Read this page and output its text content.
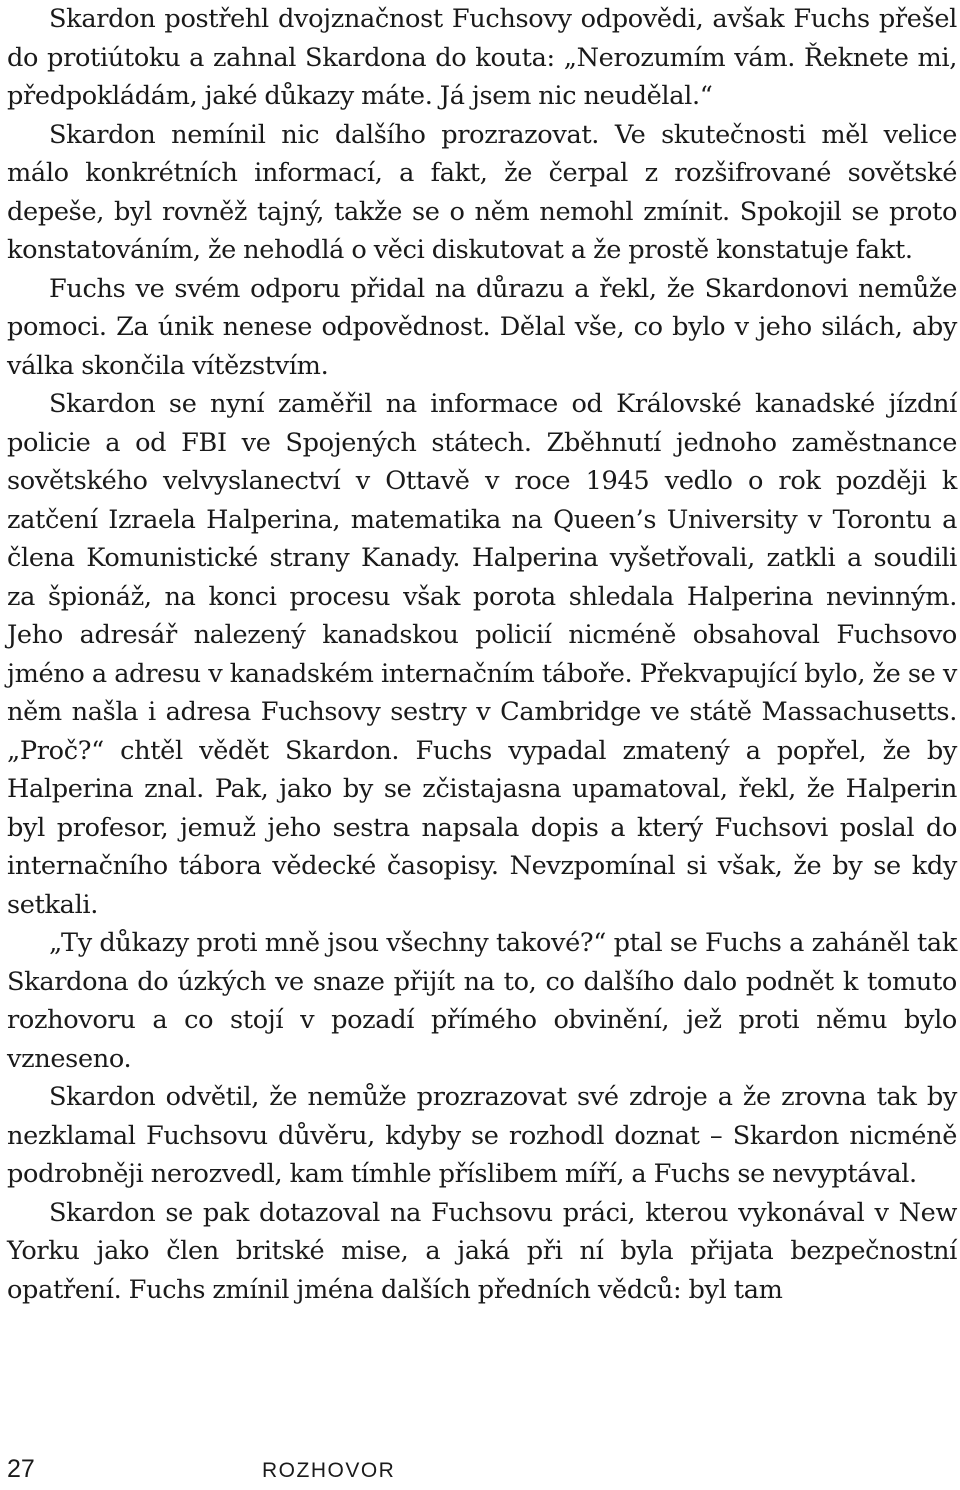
Skardon postřehl dvojznačnost Fuchsovy odpovědi, avšak Fuchs přešel do protiútoku a zahnal Skardona do kouta: „Nerozumím vám. Řeknete mi, předpokládám, jaké důkazy máte. Já jsem nic neudělal.“

Skardon nemínil nic dalšího prozrazovat. Ve skutečnosti měl velice málo konkrétních informací, a fakt, že čerpal z rozšifrované sovětské depeše, byl rovněž tajný, takže se o něm nemohl zmínit. Spokojil se proto konstatováním, že nehodlá o věci diskutovat a že prostě konstatuje fakt.

Fuchs ve svém odporu přidal na důrazu a řekl, že Skardonovi nemůže pomoci. Za únik nenese odpovědnost. Dělal vše, co bylo v jeho silách, aby válka skončila vítězstvím.

Skardon se nyní zaměřil na informace od Královské kanadské jízdní policie a od FBI ve Spojených státech. Zběhnutí jednoho zaměstnance sovětského velvyslanectví v Ottavě v roce 1945 vedlo o rok později k zatčení Izraela Halperina, matematika na Queen’s University v Torontu a člena Komunistické strany Kanady. Halperina vyšetřovali, zatkli a soudili za špionáž, na konci procesu však porota shledala Halperina nevinným. Jeho adresář nalezený kanadskou policií nicméně obsahoval Fuchsovo jméno a adresu v kanadském internačním táboře. Překvapující bylo, že se v něm našla i adresa Fuchsovy sestry v Cambridge ve státě Massachusetts. „Proč?“ chtěl vědět Skardon. Fuchs vypadal zmatený a popřel, že by Halperina znal. Pak, jako by se zčistajasna upamatoval, řekl, že Halperin byl profesor, jemuž jeho sestra napsala dopis a který Fuchsovi poslal do internačního tábora vědecké časopisy. Nevzpomínal si však, že by se kdy setkali.

„Ty důkazy proti mně jsou všechny takové?“ ptal se Fuchs a zaháněl tak Skardona do úzkých ve snaze přijít na to, co dalšího dalo podnět k tomuto rozhovoru a co stojí v pozadí přímého obvinění, jež proti němu bylo vzneseno.

Skardon odvětil, že nemůže prozrazovat své zdroje a že zrovna tak by nezklamal Fuchsovu důvěru, kdyby se rozhodl doznat – Skardon nicméně podrobněji nerozvedl, kam tímhle příslibem míří, a Fuchs se nevyptával.

Skardon se pak dotazoval na Fuchsovu práci, kterou vykonával v New Yorku jako člen britské mise, a jaká při ní byla přijata bezpečnostní opatření. Fuchs zmínil jména dalších předních vědců: byl tam

27	ROZHOVOR
